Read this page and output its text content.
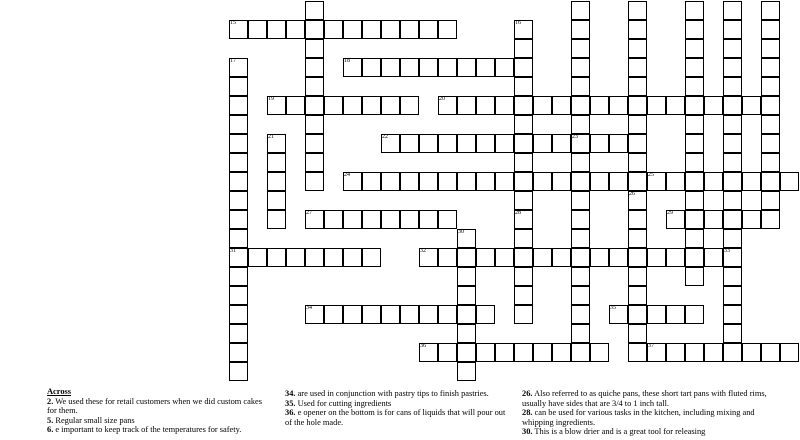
15	16
17	18
19	20
21	22	23
24	25
26
27	28	29
30
31	32	33
34	35
36	37
Across
2. We used these for retail customers when we did custom cakes for them.
5. Regular small size pans
6. e important to keep track of the temperatures for safety.
34. are used in conjunction with pastry tips to finish pastries.
35. Used for cutting ingredients
36. e opener on the bottom is for cans of liquids that will pour out of the hole made.
26. Also referred to as quiche pans, these short tart pans with fluted rims, usually have sides that are 3/4 to 1 inch tall.
28. can be used for various tasks in the kitchen, including mixing and whipping ingredients.
30. This is a blow drier and is a great tool for releasing
